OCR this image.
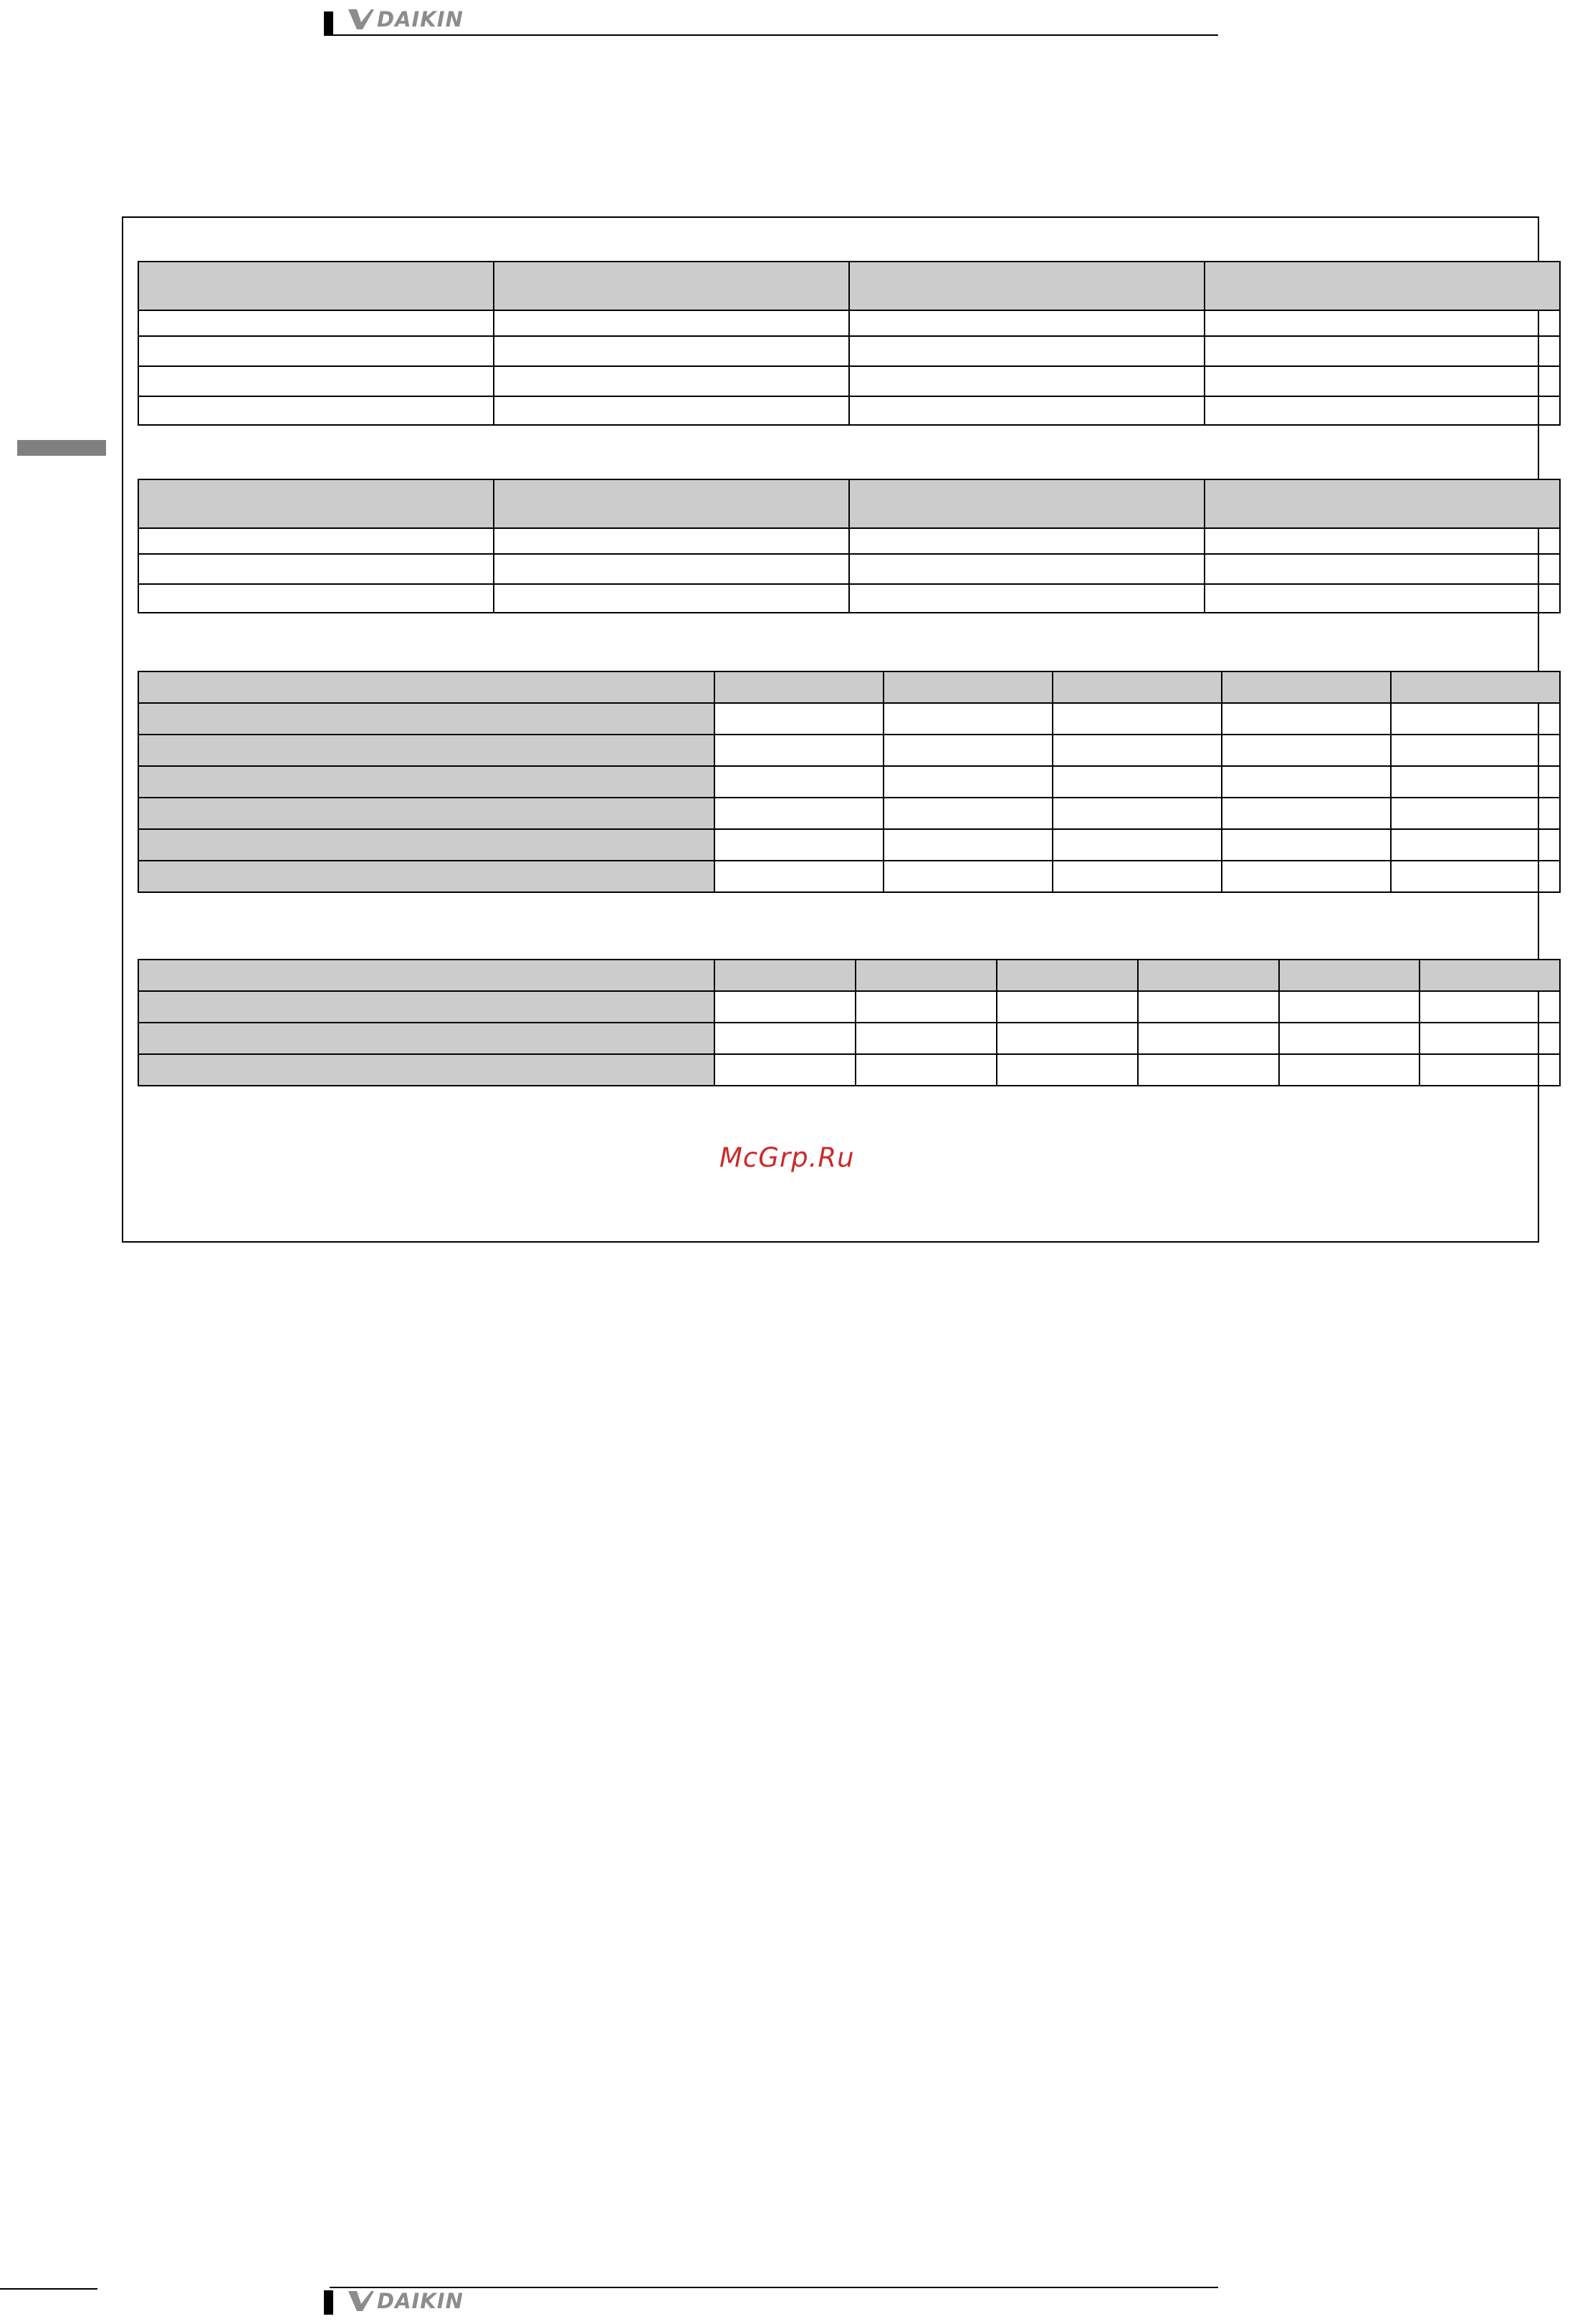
DAIKIN

McGrp.Ru
DAIKIN
